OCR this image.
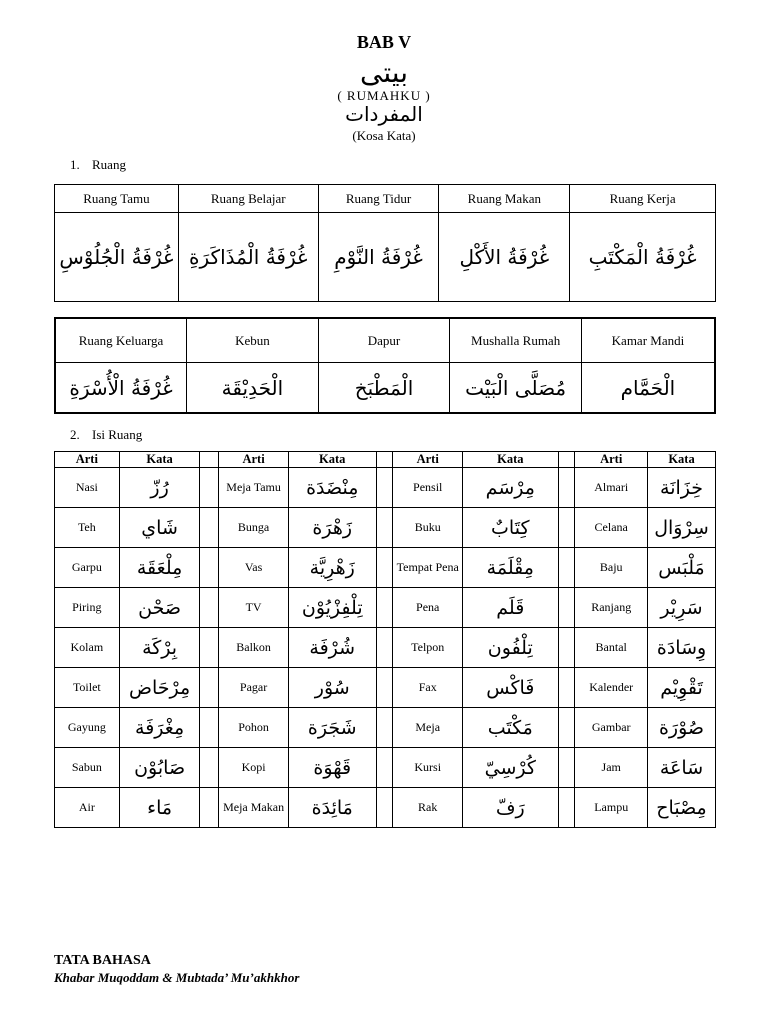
BAB V
بيتى
( RUMAHKU )
المفردات
(Kosa Kata)
1. Ruang
Ruang Tamu	Ruang Belajar	Ruang Tidur	Ruang Makan	Ruang Kerja
غُرْفَةُ الْجُلُوْسِ	غُرْفَةُ الْمُذَاكَرَةِ	غُرْفَةُ النَّوْمِ	غُرْفَةُ الأَكْلِ	غُرْفَةُ الْمَكْتَبِ
Ruang Keluarga	Kebun	Dapur	Mushalla Rumah	Kamar Mandi
غُرْفَةُ الْأُسْرَةِ	الْحَدِيْقَة	الْمَطْبَخ	مُصَلَّى الْبَيْت	الْحَمَّام
2. Isi Ruang
Arti	Kata		Arti	Kata		Arti	Kata		Arti	Kata
Nasi	رُزّ		Meja Tamu	مِنْضَدَة		Pensil	مِرْسَم		Almari	خِزَانَة
Teh	شَاي		Bunga	زَهْرَة		Buku	كِتَابٌ		Celana	سِرْوَال
Garpu	مِلْعَقَة		Vas	زَهْرِيَّة		Tempat Pena	مِقْلَمَة		Baju	مَلْبَس
Piring	صَحْن		TV	تِلْفِزْيُوْن		Pena	قَلَم		Ranjang	سَرِيْر
Kolam	بِرْكَة		Balkon	شُرْفَة		Telpon	تِلْفُون		Bantal	وِسَادَة
Toilet	مِرْحَاض		Pagar	سُوْر		Fax	فَاكْس		Kalender	تَقْوِيْم
Gayung	مِغْرَفَة		Pohon	شَجَرَة		Meja	مَكْتَب		Gambar	صُوْرَة
Sabun	صَابُوْن		Kopi	قَهْوَة		Kursi	كُرْسِيّ		Jam	سَاعَة
Air	مَاء		Meja Makan	مَائِدَة		Rak	رَفّ		Lampu	مِصْبَاح
TATA BAHASA
Khabar Muqoddam & Mubtada’ Mu’akhkhor
